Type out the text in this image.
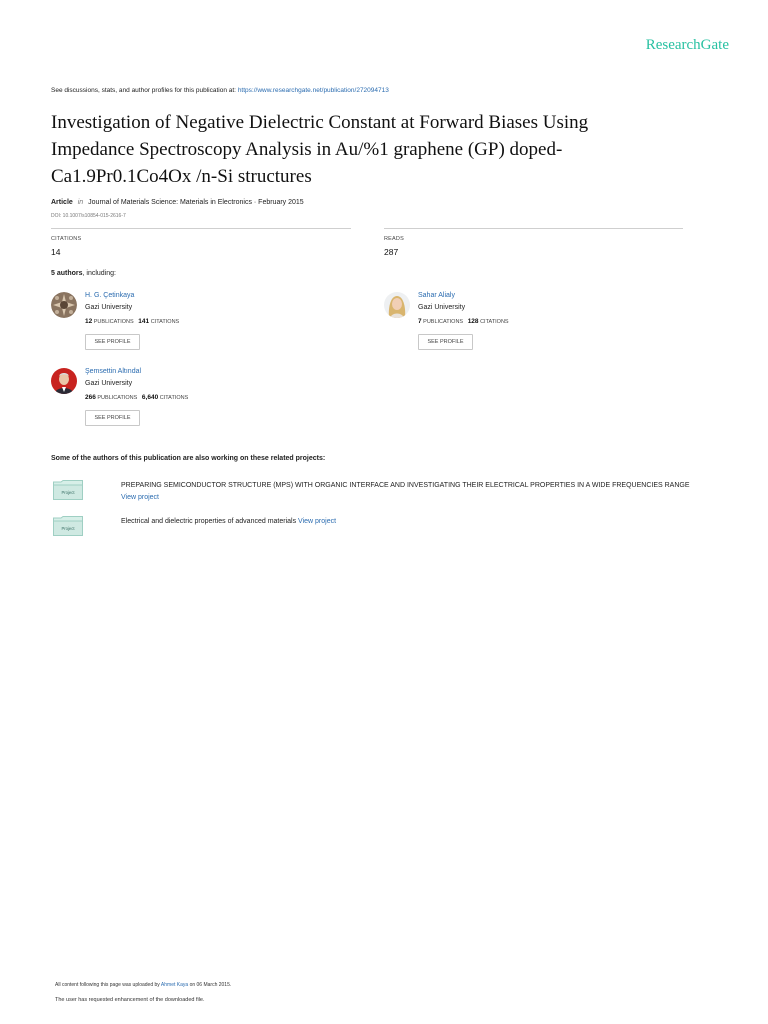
ResearchGate
See discussions, stats, and author profiles for this publication at: https://www.researchgate.net/publication/272094713
Investigation of Negative Dielectric Constant at Forward Biases Using
Impedance Spectroscopy Analysis in Au/%1 graphene (GP) doped-
Ca1.9Pr0.1Co4Ox /n-Si structures
Article in Journal of Materials Science: Materials in Electronics · February 2015
DOI: 10.1007/s10854-015-2616-7
CITATIONS
14
READS
287
5 authors, including:
H. G. Çetinkaya
Gazi University
12 PUBLICATIONS 141 CITATIONS
SEE PROFILE
Sahar Alialy
Gazi University
7 PUBLICATIONS 128 CITATIONS
SEE PROFILE
Şemsettin Altındal
Gazi University
266 PUBLICATIONS 6,640 CITATIONS
SEE PROFILE
Some of the authors of this publication are also working on these related projects:
Project
PREPARING SEMICONDUCTOR STRUCTURE (MPS) WITH ORGANIC INTERFACE AND INVESTIGATING THEIR ELECTRICAL PROPERTIES IN A WIDE FREQUENCIES RANGE
View project
Project
Electrical and dielectric properties of advanced materials View project
All content following this page was uploaded by Ahmet Kaya on 06 March 2015.
The user has requested enhancement of the downloaded file.
